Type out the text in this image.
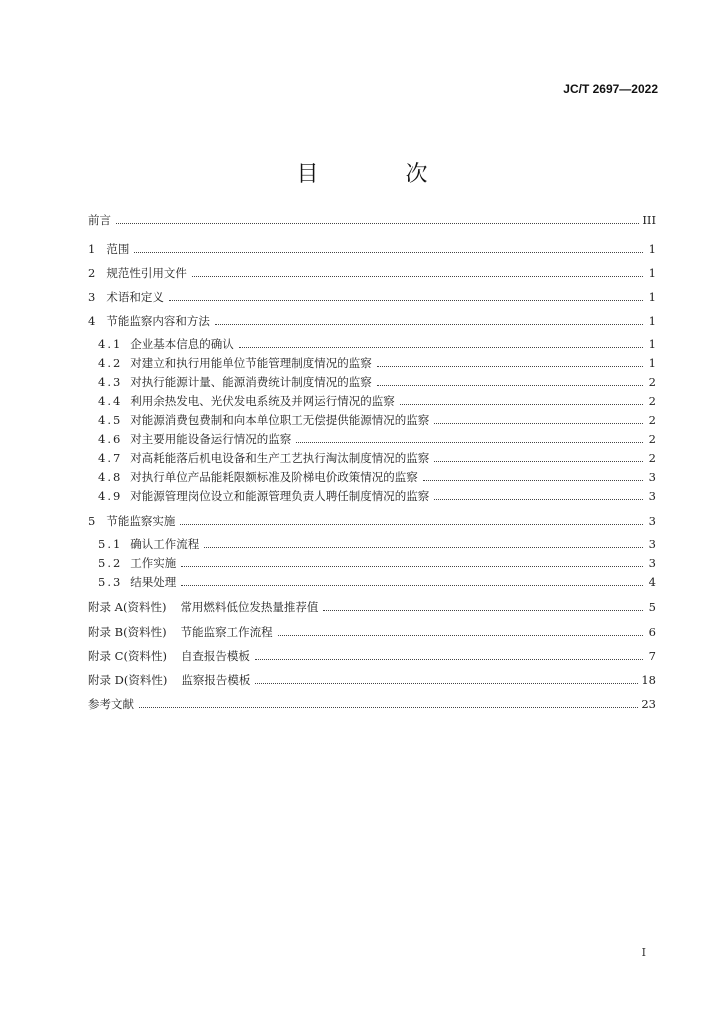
JC/T 2697—2022
目 次
前言	III
1 范围	1
2 规范性引用文件	1
3 术语和定义	1
4 节能监察内容和方法	1
4.1 企业基本信息的确认	1
4.2 对建立和执行用能单位节能管理制度情况的监察	1
4.3 对执行能源计量、能源消费统计制度情况的监察	2
4.4 利用余热发电、光伏发电系统及并网运行情况的监察	2
4.5 对能源消费包费制和向本单位职工无偿提供能源情况的监察	2
4.6 对主要用能设备运行情况的监察	2
4.7 对高耗能落后机电设备和生产工艺执行淘汰制度情况的监察	2
4.8 对执行单位产品能耗限额标准及阶梯电价政策情况的监察	3
4.9 对能源管理岗位设立和能源管理负责人聘任制度情况的监察	3
5 节能监察实施	3
5.1 确认工作流程	3
5.2 工作实施	3
5.3 结果处理	4
附录 A(资料性) 常用燃料低位发热量推荐值	5
附录 B(资料性) 节能监察工作流程	6
附录 C(资料性) 自查报告模板	7
附录 D(资料性) 监察报告模板	18
参考文献	23
I
